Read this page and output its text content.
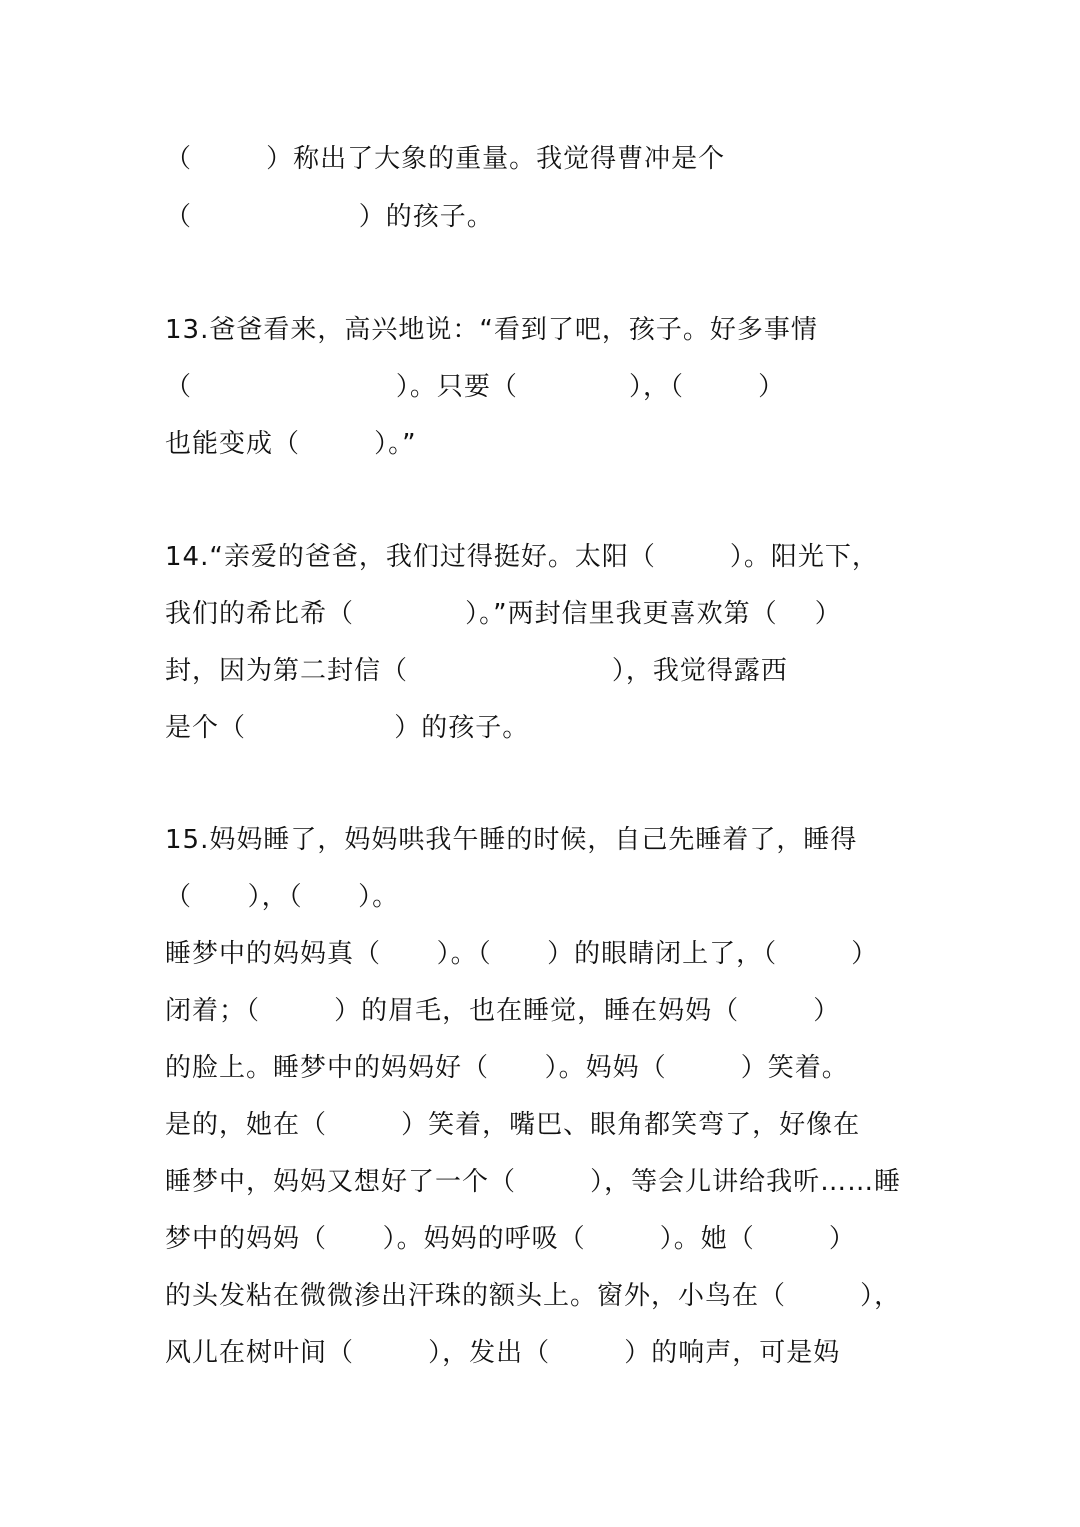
（        ）称出了大象的重量。我觉得曹冲是个
（                  ）的孩子。
13.爸爸看来，高兴地说：“看到了吧，孩子。好多事情
（                      ）。只要（            ），（        ）
也能变成（        ）。”
14.“亲爱的爸爸，我们过得挺好。太阳（        ）。阳光下，
我们的希比希（            ）。”两封信里我更喜欢第（    ）
封，因为第二封信（                      ），我觉得露西
是个（                ）的孩子。
15.妈妈睡了，妈妈哄我午睡的时候，自己先睡着了，睡得
（      ），（      ）。
睡梦中的妈妈真（      ）。（      ）的眼睛闭上了，（        ）
闭着；（        ）的眉毛，也在睡觉，睡在妈妈（        ）
的脸上。睡梦中的妈妈好（      ）。妈妈（        ）笑着。
是的，她在（        ）笑着，嘴巴、眼角都笑弯了，好像在
睡梦中，妈妈又想好了一个（        ），等会儿讲给我听……睡
梦中的妈妈（      ）。妈妈的呼吸（        ）。她（        ）
的头发粘在微微渗出汗珠的额头上。窗外，小鸟在（        ），
风儿在树叶间（        ），发出（        ）的响声，可是妈
